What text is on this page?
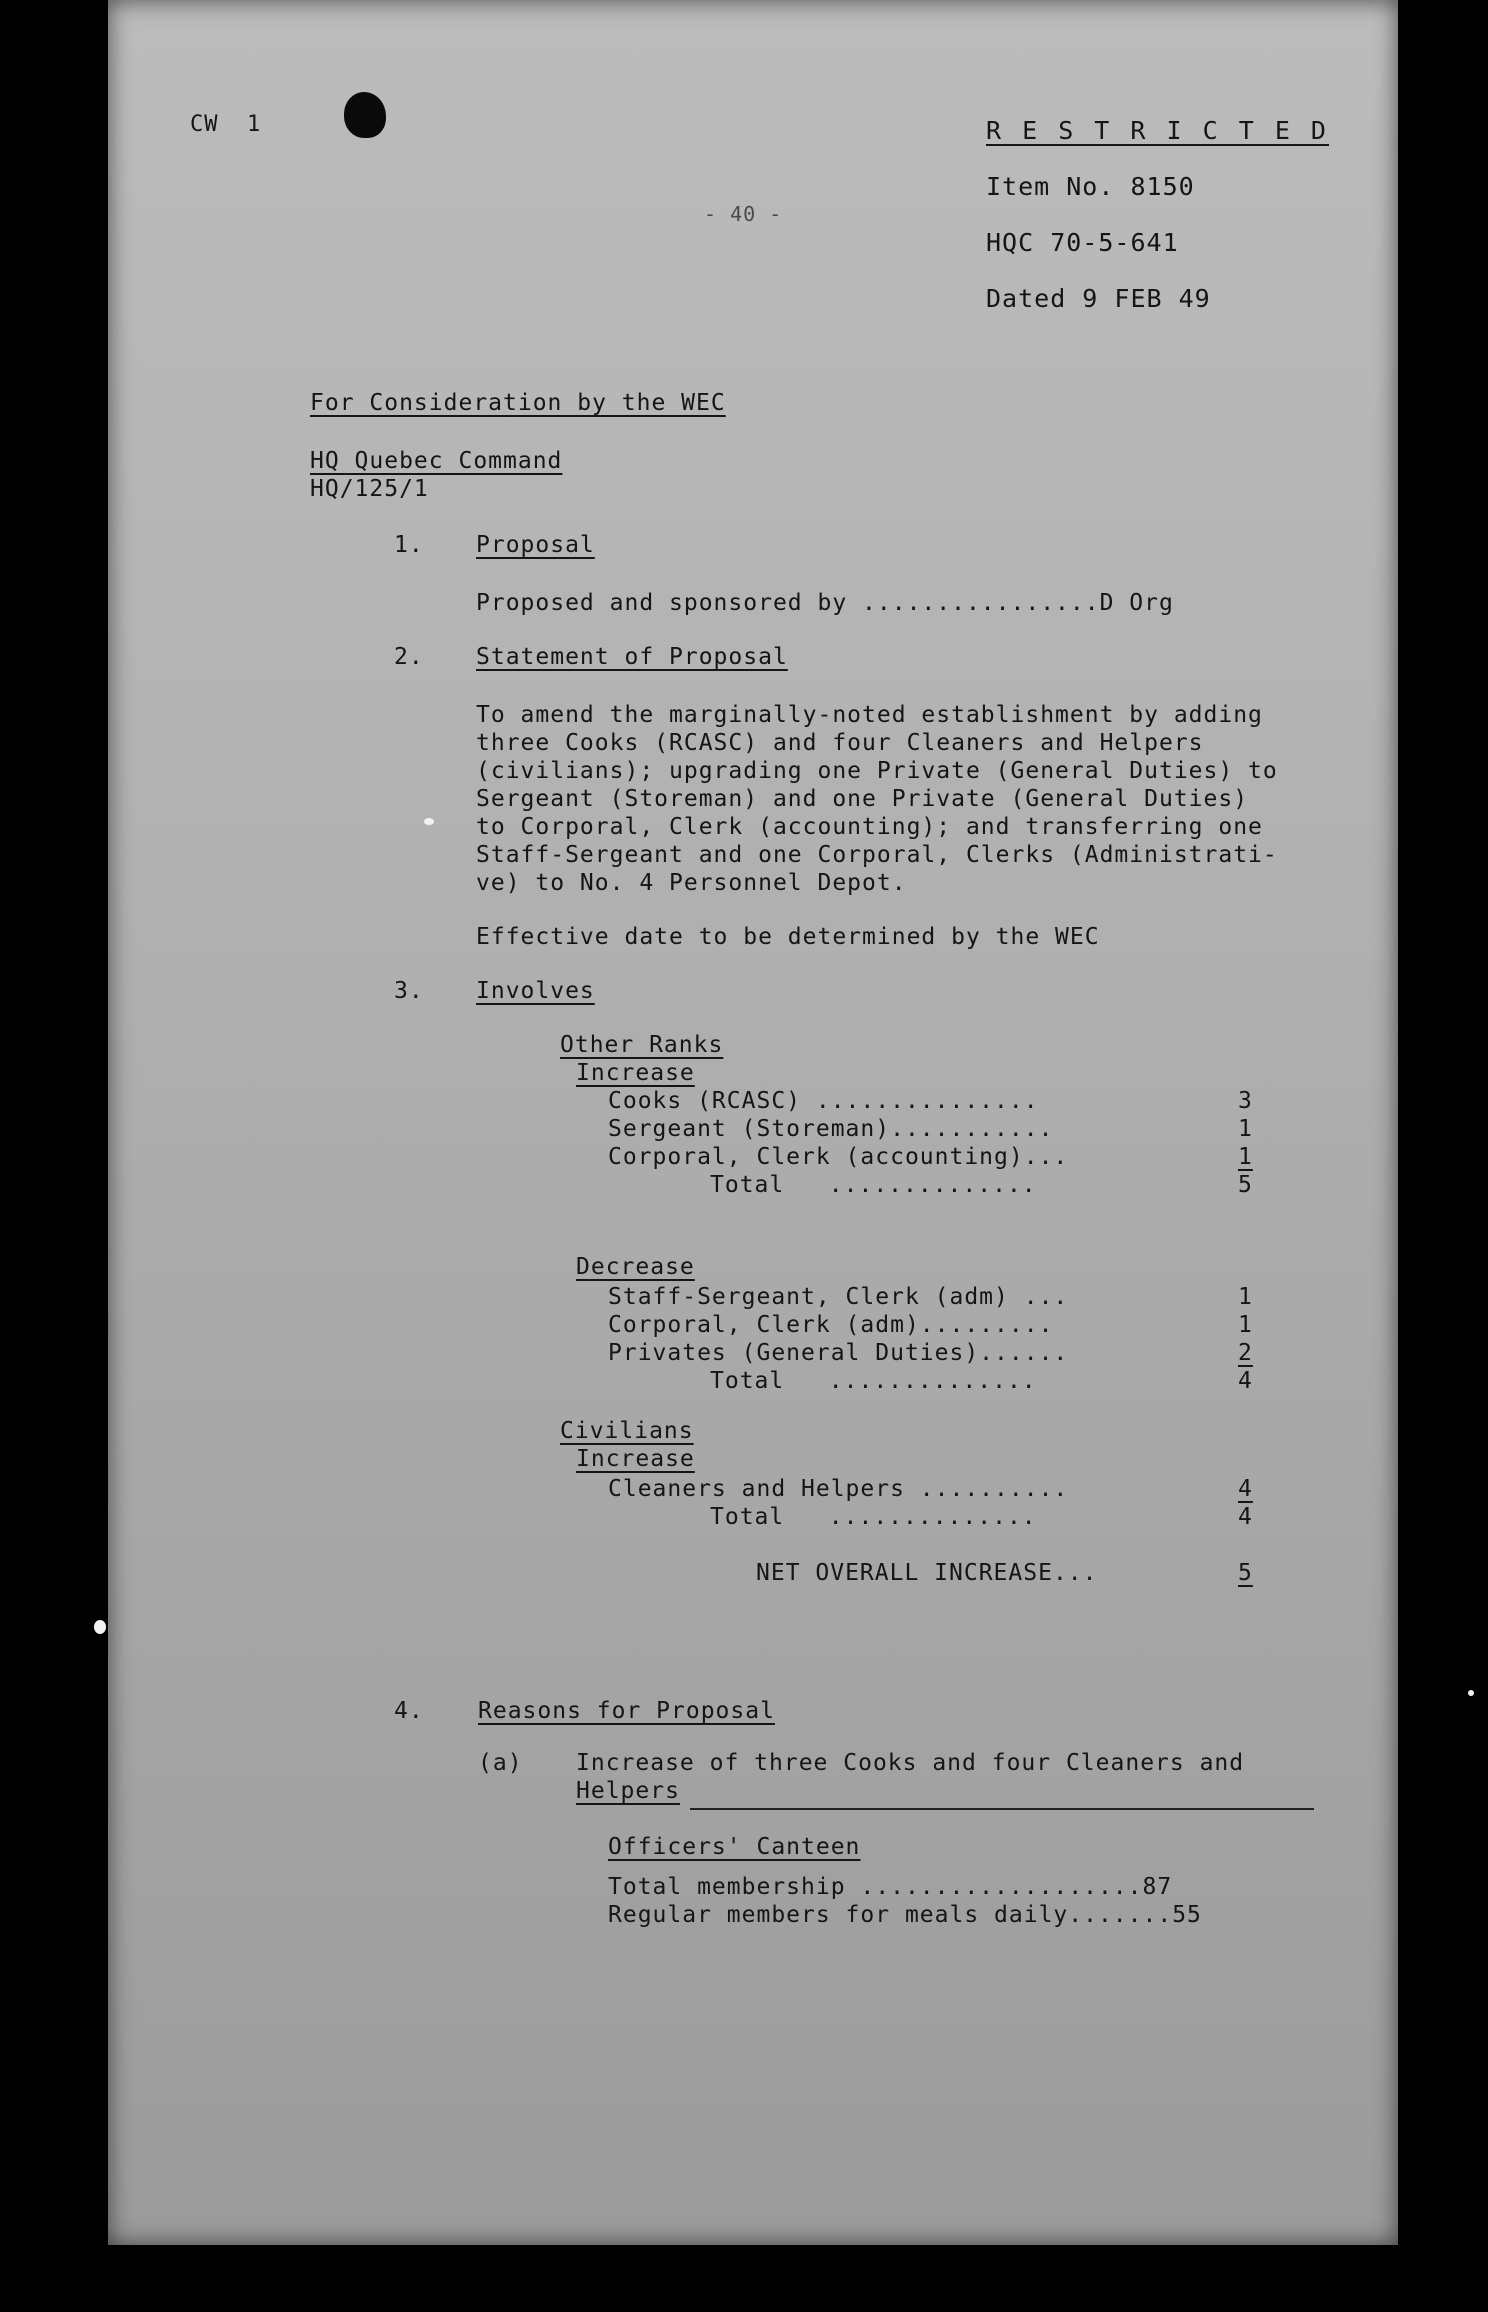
CW  1	R E S T R I C T E D
- 40 -
Item No. 8150
HQC 70-5-641
Dated 9 FEB 49
For Consideration by the WEC
HQ Quebec Command
HQ/125/1
1. Proposal
Proposed and sponsored by ................D Org
2. Statement of Proposal
To amend the marginally-noted establishment by adding
three Cooks (RCASC) and four Cleaners and Helpers
(civilians); upgrading one Private (General Duties) to
Sergeant (Storeman) and one Private (General Duties)
to Corporal, Clerk (accounting); and transferring one
Staff-Sergeant and one Corporal, Clerks (Administrati-
ve) to No. 4 Personnel Depot.
Effective date to be determined by the WEC
3. Involves
Other Ranks
Increase
Cooks (RCASC) ...............	3
Sergeant (Storeman)...........	1
Corporal, Clerk (accounting)...	1
Total   ..............	5
Decrease
Staff-Sergeant, Clerk (adm) ...	1
Corporal, Clerk (adm).........	1
Privates (General Duties)......	2
Total   ..............	4
Civilians
Increase
Cleaners and Helpers ..........	4
Total   ..............	4
NET OVERALL INCREASE...	5
4. Reasons for Proposal
(a) Increase of three Cooks and four Cleaners and
Helpers
Officers' Canteen
Total membership ...................87
Regular members for meals daily.......55
